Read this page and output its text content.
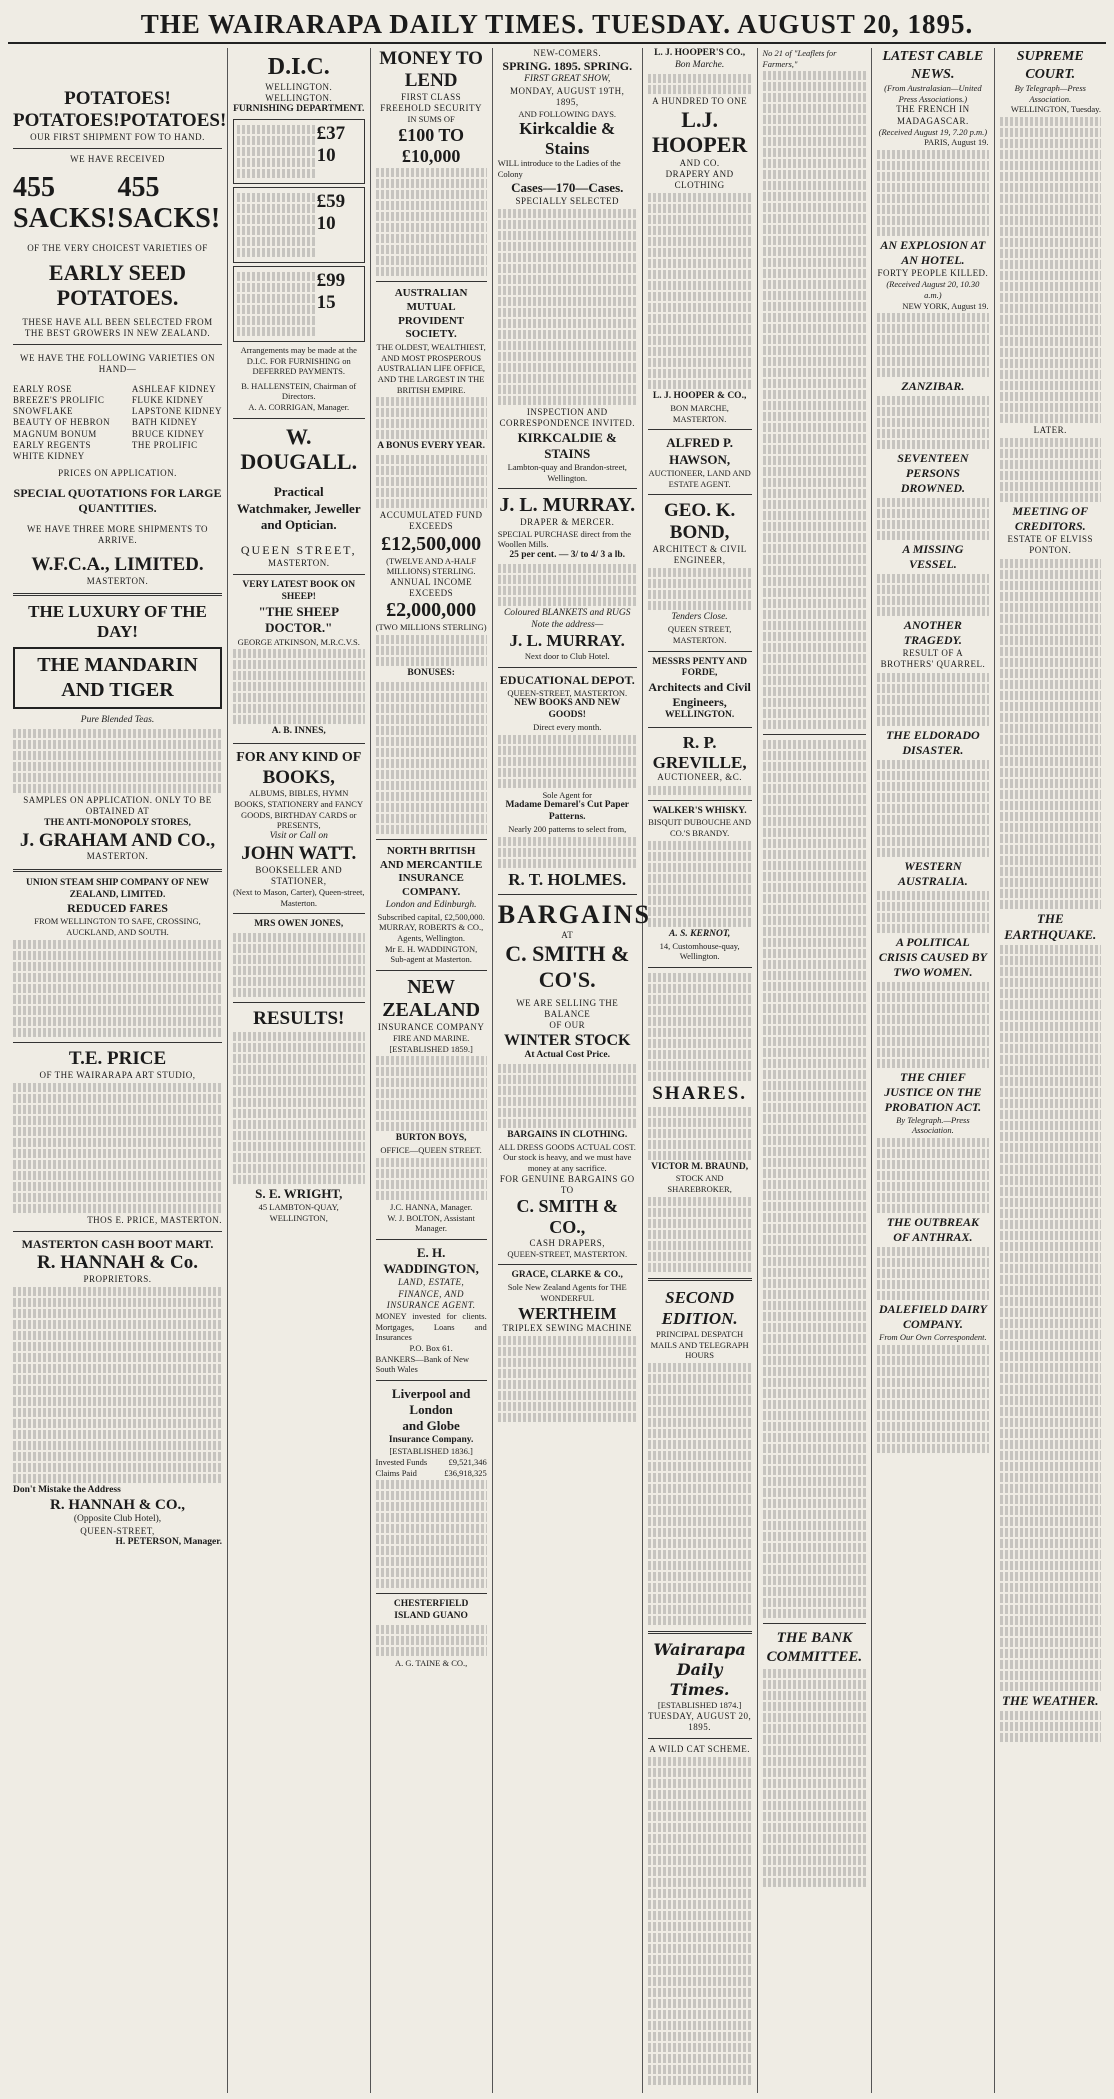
THE WAIRARAPA DAILY TIMES. TUESDAY. AUGUST 20, 1895.
POTATOES!
POTATOES! POTATOES!
OUR FIRST SHIPMENT FOW TO HAND.
WE HAVE RECEIVED
455 SACKS!
455 SACKS!
OF THE VERY CHOICEST VARIETIES OF
EARLY SEED POTATOES.
THESE HAVE ALL BEEN SELECTED FROM THE BEST GROWERS IN NEW ZEALAND.
WE HAVE THE FOLLOWING VARIETIES ON HAND—
EARLY ROSE
BREEZE'S PROLIFIC
SNOWFLAKE
BEAUTY OF HEBRON
MAGNUM BONUM
EARLY REGENTS
WHITE KIDNEY
ASHLEAF KIDNEY
FLUKE KIDNEY
LAPSTONE KIDNEY
BATH KIDNEY
BRUCE KIDNEY
THE PROLIFIC
PRICES ON APPLICATION.
SPECIAL QUOTATIONS FOR LARGE QUANTITIES.
WE HAVE THREE MORE SHIPMENTS TO ARRIVE.
W.F.C.A., LIMITED.
MASTERTON.
THE LUXURY OF THE DAY!
THE MANDARIN AND TIGER
Pure Blended Teas.
SAMPLES ON APPLICATION. ONLY TO BE OBTAINED AT
THE ANTI-MONOPOLY STORES,
J. GRAHAM AND CO.,
MASTERTON.
UNION STEAM SHIP COMPANY OF NEW ZEALAND, LIMITED.
REDUCED FARES
FROM WELLINGTON TO SAFE, CROSSING, AUCKLAND, AND SOUTH.
T.E. PRICE
OF THE WAIRARAPA ART STUDIO,
THOS E. PRICE, MASTERTON.
MASTERTON CASH BOOT MART.
R. HANNAH & Co.
PROPRIETORS.
Don't Mistake the Address
R. HANNAH & CO.,
(Opposite Club Hotel),
QUEEN-STREET,
H. PETERSON, Manager.
D.I.C.
WELLINGTON. WELLINGTON.
FURNISHING DEPARTMENT.
£37 10
£59 10
£99 15
Arrangements may be made at the D.I.C. FOR FURNISHING on DEFERRED PAYMENTS.
B. HALLENSTEIN, Chairman of Directors.
A. A. CORRIGAN, Manager.
W. DOUGALL.
Practical
Watchmaker, Jeweller
and Optician.
QUEEN STREET,
MASTERTON.
VERY LATEST BOOK ON SHEEP!
"THE SHEEP DOCTOR."
GEORGE ATKINSON, M.R.C.V.S.
A. B. INNES,
FOR ANY KIND OF
BOOKS,
ALBUMS, BIBLES, HYMN BOOKS, STATIONERY and FANCY GOODS, BIRTHDAY CARDS or PRESENTS,
Visit or Call on
JOHN WATT.
BOOKSELLER AND STATIONER,
(Next to Mason, Carter), Queen-street, Masterton.
MRS OWEN JONES,
RESULTS!
S. E. WRIGHT,
45 LAMBTON-QUAY, WELLINGTON,
MONEY TO LEND
FIRST CLASS FREEHOLD SECURITY
IN SUMS OF
£100 TO £10,000
AUSTRALIAN MUTUAL PROVIDENT SOCIETY.
THE OLDEST, WEALTHIEST, AND MOST PROSPEROUS AUSTRALIAN LIFE OFFICE, AND THE LARGEST IN THE BRITISH EMPIRE.
A BONUS EVERY YEAR.
ACCUMULATED FUND EXCEEDS
£12,500,000
(TWELVE AND A-HALF MILLIONS) STERLING.
ANNUAL INCOME EXCEEDS
£2,000,000
(TWO MILLIONS STERLING)
BONUSES:
NORTH BRITISH AND MERCANTILE INSURANCE COMPANY.
London and Edinburgh.
Subscribed capital, £2,500,000.
MURRAY, ROBERTS & CO., Agents, Wellington.
Mr E. H. WADDINGTON,
Sub-agent at Masterton.
NEW ZEALAND
INSURANCE COMPANY
FIRE AND MARINE.
[ESTABLISHED 1859.]
BURTON BOYS,
OFFICE—QUEEN STREET.
J.C. HANNA, Manager.
W. J. BOLTON, Assistant Manager.
E. H. WADDINGTON,
LAND, ESTATE, FINANCE, AND INSURANCE AGENT.
MONEY invested for clients. Mortgages, Loans and Insurances
P.O. Box 61.
BANKERS—Bank of New South Wales
Liverpool and London
and Globe
Insurance Company.
[ESTABLISHED 1836.]
Invested Funds	£9,521,346
Claims Paid	£36,918,325
CHESTERFIELD ISLAND GUANO
A. G. TAINE & CO.,
NEW-COMERS.
SPRING. 1895. SPRING.
FIRST GREAT SHOW,
MONDAY, AUGUST 19TH, 1895,
AND FOLLOWING DAYS.
Kirkcaldie & Stains
WILL introduce to the Ladies of the Colony
Cases—170—Cases.
SPECIALLY SELECTED
INSPECTION AND CORRESPONDENCE INVITED.
KIRKCALDIE & STAINS
Lambton-quay and Brandon-street,
Wellington.
J. L. MURRAY.
DRAPER & MERCER.
SPECIAL PURCHASE direct from the Woollen Mills.
25 per cent. — 3/ to 4/ 3 a lb.
Coloured BLANKETS and RUGS
Note the address—
J. L. MURRAY.
Next door to Club Hotel.
EDUCATIONAL DEPOT.
QUEEN-STREET, MASTERTON.
NEW BOOKS AND NEW GOODS!
Direct every month.
Sole Agent for
Madame Demarel's Cut Paper Patterns.
Nearly 200 patterns to select from,
R. T. HOLMES.
BARGAINS
AT
C. SMITH & CO'S.
WE ARE SELLING THE BALANCE
OF OUR
WINTER STOCK
At Actual Cost Price.
BARGAINS IN CLOTHING.
ALL DRESS GOODS ACTUAL COST.
Our stock is heavy, and we must have money at any sacrifice.
FOR GENUINE BARGAINS GO TO
C. SMITH & CO.,
CASH DRAPERS,
QUEEN-STREET, MASTERTON.
GRACE, CLARKE & CO.,
Sole New Zealand Agents for THE WONDERFUL
WERTHEIM
TRIPLEX SEWING MACHINE
L. J. HOOPER'S CO.,
Bon Marche.
A HUNDRED TO ONE
L.J. HOOPER
AND CO.
DRAPERY AND CLOTHING
L. J. HOOPER & CO.,
BON MARCHE, MASTERTON.
ALFRED P. HAWSON,
AUCTIONEER, LAND AND ESTATE AGENT.
GEO. K. BOND,
ARCHITECT & CIVIL ENGINEER,
Tenders Close.
QUEEN STREET, MASTERTON.
MESSRS PENTY AND FORDE,
Architects and Civil Engineers,
WELLINGTON.
R. P. GREVILLE,
AUCTIONEER, &C.
WALKER'S WHISKY.
BISQUIT DUBOUCHE AND CO.'S BRANDY.
A. S. KERNOT,
14, Customhouse-quay, Wellington.
SHARES.
VICTOR M. BRAUND,
STOCK AND SHAREBROKER,
SECOND EDITION.
PRINCIPAL DESPATCH MAILS AND TELEGRAPH HOURS
Wairarapa Daily Times.
[ESTABLISHED 1874.]
TUESDAY, AUGUST 20, 1895.
A WILD CAT SCHEME.
No 21 of "Leaflets for Farmers,"
THE BANK COMMITTEE.
LATEST CABLE NEWS.
(From Australasian—United Press Associations.)
THE FRENCH IN MADAGASCAR.
(Received August 19, 7.20 p.m.)
PARIS, August 19.
AN EXPLOSION AT AN HOTEL.
FORTY PEOPLE KILLED.
(Received August 20, 10.30 a.m.)
NEW YORK, August 19.
ZANZIBAR.
SEVENTEEN PERSONS DROWNED.
A MISSING VESSEL.
ANOTHER TRAGEDY.
RESULT OF A BROTHERS' QUARREL.
THE ELDORADO DISASTER.
WESTERN AUSTRALIA.
A POLITICAL CRISIS CAUSED BY TWO WOMEN.
THE CHIEF JUSTICE ON THE PROBATION ACT.
By Telegraph.—Press Association.
THE OUTBREAK OF ANTHRAX.
DALEFIELD DAIRY COMPANY.
From Our Own Correspondent.
SUPREME COURT.
By Telegraph—Press Association.
WELLINGTON, Tuesday.
LATER.
MEETING OF CREDITORS.
ESTATE OF ELVISS PONTON.
THE EARTHQUAKE.
THE WEATHER.
